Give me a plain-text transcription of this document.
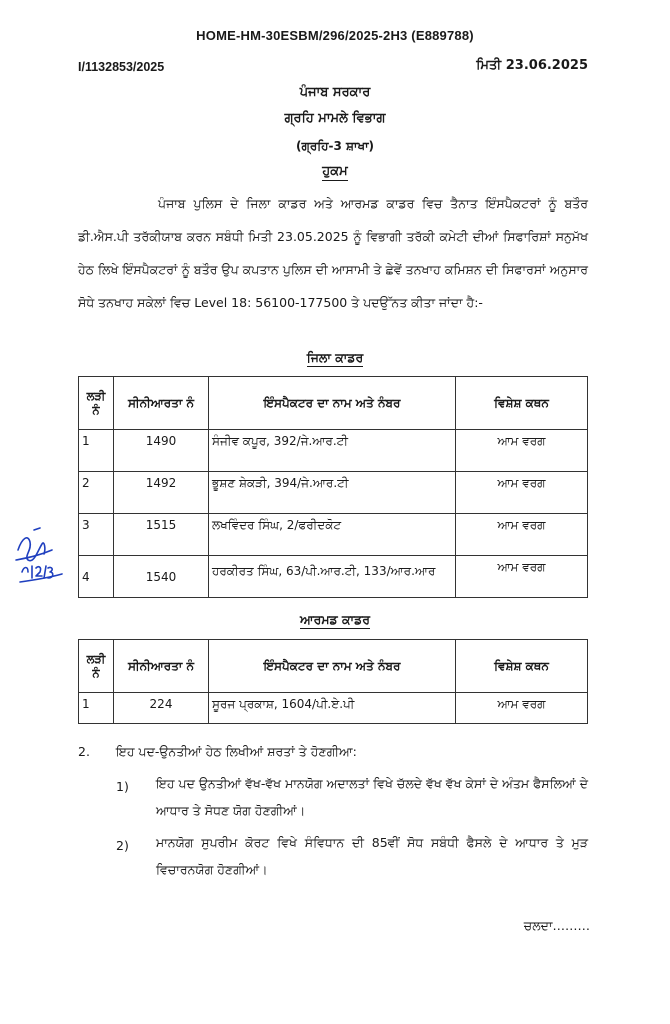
HOME-HM-30ESBM/296/2025-2H3 (E889788)
I/1132853/2025	ਮਿਤੀ 23.06.2025
ਪੰਜਾਬ ਸਰਕਾਰ
ਗ੍ਰਹਿ ਮਾਮਲੇ ਵਿਭਾਗ
(ਗ੍ਰਹਿ-3 ਸ਼ਾਖਾ)
ਹੁਕਮ
ਪੰਜਾਬ ਪੁਲਿਸ ਦੇ ਜਿਲਾ ਕਾਡਰ ਅਤੇ ਆਰਮਡ ਕਾਡਰ ਵਿਚ ਤੈਨਾਤ ਇੰਸਪੈਕਟਰਾਂ ਨੂੰ ਬਤੌਰ ਡੀ.ਐਸ.ਪੀ ਤਰੱਕੀਯਾਬ ਕਰਨ ਸਬੰਧੀ ਮਿਤੀ 23.05.2025 ਨੂੰ ਵਿਭਾਗੀ ਤਰੱਕੀ ਕਮੇਟੀ ਦੀਆਂ ਸਿਫਾਰਿਸ਼ਾਂ ਸਨੁਮੱਖ ਹੇਠ ਲਿਖੇ ਇੰਸਪੈਕਟਰਾਂ ਨੂੰ ਬਤੌਰ ਉਪ ਕਪਤਾਨ ਪੁਲਿਸ ਦੀ ਆਸਾਮੀ ਤੇ ਛੇਵੇਂ ਤਨਖਾਹ ਕਮਿਸ਼ਨ ਦੀ ਸਿਫਾਰਸਾਂ ਅਨੁਸਾਰ ਸੋਧੇ ਤਨਖਾਹ ਸਕੇਲਾਂ ਵਿਚ Level 18: 56100-177500 ਤੇ ਪਦਉੱਨਤ ਕੀਤਾ ਜਾਂਦਾ ਹੈ:-
ਜਿਲਾ ਕਾਡਰ
ਲੜੀ ਨੰ	ਸੀਨੀਆਰਤਾ ਨੰ	ਇੰਸਪੈਕਟਰ ਦਾ ਨਾਮ ਅਤੇ ਨੰਬਰ	ਵਿਸ਼ੇਸ਼ ਕਥਨ
1	1490	ਸੰਜੀਵ ਕਪੂਰ, 392/ਜੇ.ਆਰ.ਟੀ	ਆਮ ਵਰਗ
2	1492	ਭੂਸ਼ਣ ਸ਼ੇਕੜੀ, 394/ਜੇ.ਆਰ.ਟੀ	ਆਮ ਵਰਗ
3	1515	ਲਖਵਿੰਦਰ ਸਿੰਘ, 2/ਫਰੀਦਕੋਟ	ਆਮ ਵਰਗ
4	1540	ਹਰਕੀਰਤ ਸਿੰਘ, 63/ਪੀ.ਆਰ.ਟੀ, 133/ਆਰ.ਆਰ	ਆਮ ਵਰਗ
ਆਰਮਡ ਕਾਡਰ
ਲੜੀ ਨੰ	ਸੀਨੀਆਰਤਾ ਨੰ	ਇੰਸਪੈਕਟਰ ਦਾ ਨਾਮ ਅਤੇ ਨੰਬਰ	ਵਿਸ਼ੇਸ਼ ਕਥਨ
1	224	ਸੂਰਜ ਪ੍ਰਕਾਸ਼, 1604/ਪੀ.ਏ.ਪੀ	ਆਮ ਵਰਗ
2. ਇਹ ਪਦ-ਉਨਤੀਆਂ ਹੇਠ ਲਿਖੀਆਂ ਸ਼ਰਤਾਂ ਤੇ ਹੋਣਗੀਆ:
1) ਇਹ ਪਦ ਉਨਤੀਆਂ ਵੱਖ-ਵੱਖ ਮਾਨਯੋਗ ਅਦਾਲਤਾਂ ਵਿਖੇ ਚੱਲਦੇ ਵੱਖ ਵੱਖ ਕੇਸਾਂ ਦੇ ਅੰਤਮ ਫੈਸਲਿਆਂ ਦੇ ਆਧਾਰ ਤੇ ਸੋਧਣ ਯੋਗ ਹੋਣਗੀਆਂ।
2) ਮਾਨਯੋਗ ਸੁਪਰੀਮ ਕੋਰਟ ਵਿਖੇ ਸੰਵਿਧਾਨ ਦੀ 85ਵੀਂ ਸੋਧ ਸਬੰਧੀ ਫੈਸਲੇ ਦੇ ਆਧਾਰ ਤੇ ਮੁੜ ਵਿਚਾਰਨਯੋਗ ਹੋਣਗੀਆਂ।
ਚਲਦਾ………
